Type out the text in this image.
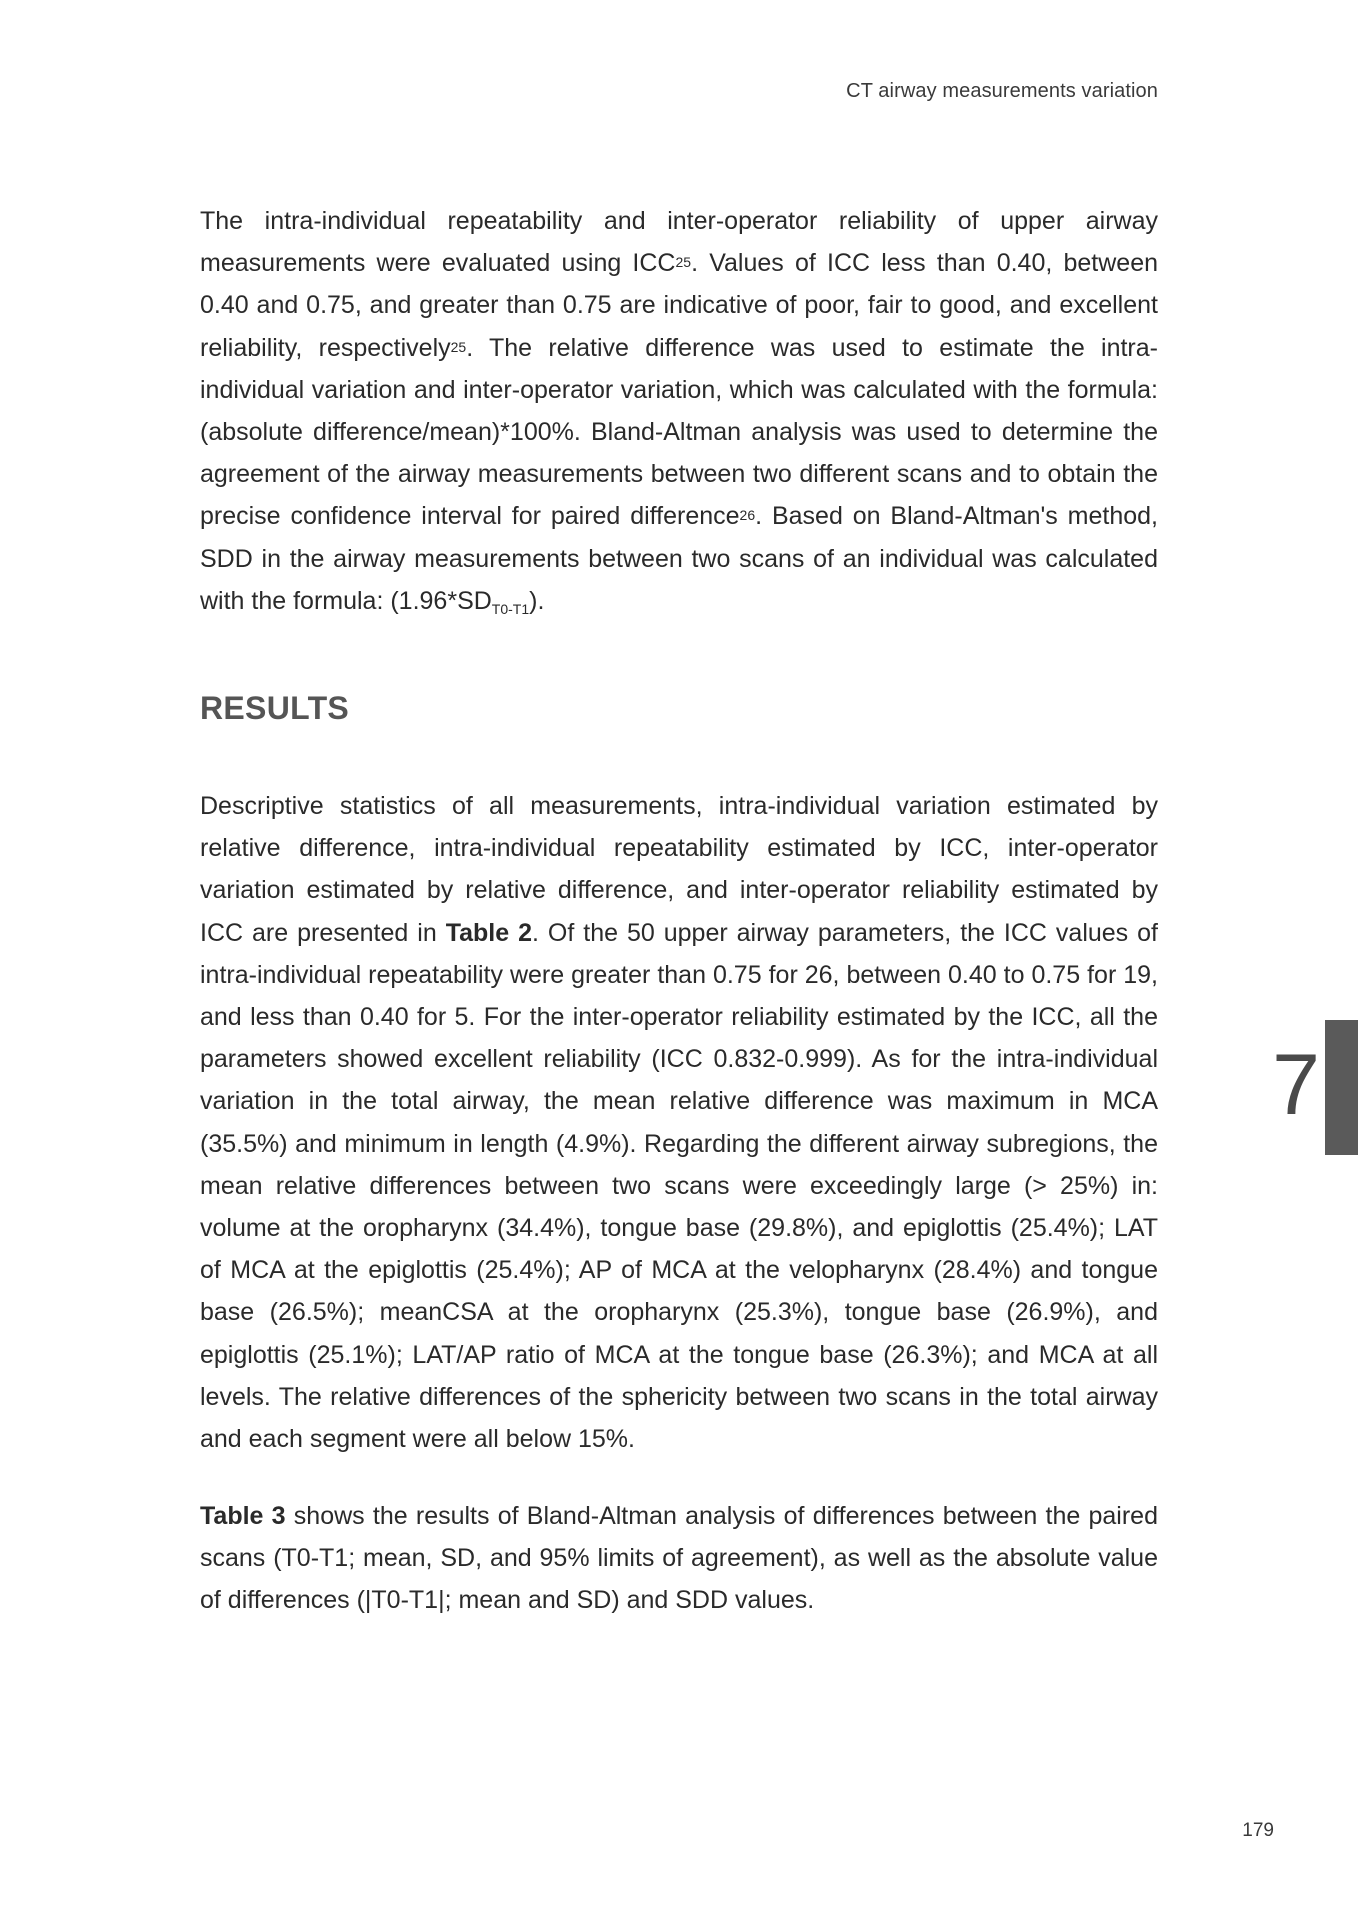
CT airway measurements variation

The intra-individual repeatability and inter-operator reliability of upper airway measurements were evaluated using ICC$^{25}$. Values of ICC less than 0.40, between 0.40 and 0.75, and greater than 0.75 are indicative of poor, fair to good, and excellent reliability, respectively$^{25}$. The relative difference was used to estimate the intra-individual variation and inter-operator variation, which was calculated with the formula: (absolute difference/mean)*100%. Bland-Altman analysis was used to determine the agreement of the airway measurements between two different scans and to obtain the precise confidence interval for paired difference$^{26}$. Based on Bland-Altman's method, SDD in the airway measurements between two scans of an individual was calculated with the formula: $(1.96*SD_{T0-T1})$.

RESULTS

Descriptive statistics of all measurements, intra-individual variation estimated by relative difference, intra-individual repeatability estimated by ICC, inter-operator variation estimated by relative difference, and inter-operator reliability estimated by ICC are presented in Table 2. Of the 50 upper airway parameters, the ICC values of intra-individual repeatability were greater than 0.75 for 26, between 0.40 to 0.75 for 19, and less than 0.40 for 5. For the inter-operator reliability estimated by the ICC, all the parameters showed excellent reliability (ICC 0.832-0.999). As for the intra-individual variation in the total airway, the mean relative difference was maximum in MCA (35.5%) and minimum in length (4.9%). Regarding the different airway subregions, the mean relative differences between two scans were exceedingly large (> 25%) in: volume at the oropharynx (34.4%), tongue base (29.8%), and epiglottis (25.4%); LAT of MCA at the epiglottis (25.4%); AP of MCA at the velopharynx (28.4%) and tongue base (26.5%); meanCSA at the oropharynx (25.3%), tongue base (26.9%), and epiglottis (25.1%); LAT/AP ratio of MCA at the tongue base (26.3%); and MCA at all levels. The relative differences of the sphericity between two scans in the total airway and each segment were all below 15%.

Table 3 shows the results of Bland-Altman analysis of differences between the paired scans (T0-T1; mean, SD, and 95% limits of agreement), as well as the absolute value of differences (|T0-T1|; mean and SD) and SDD values.

7
179
